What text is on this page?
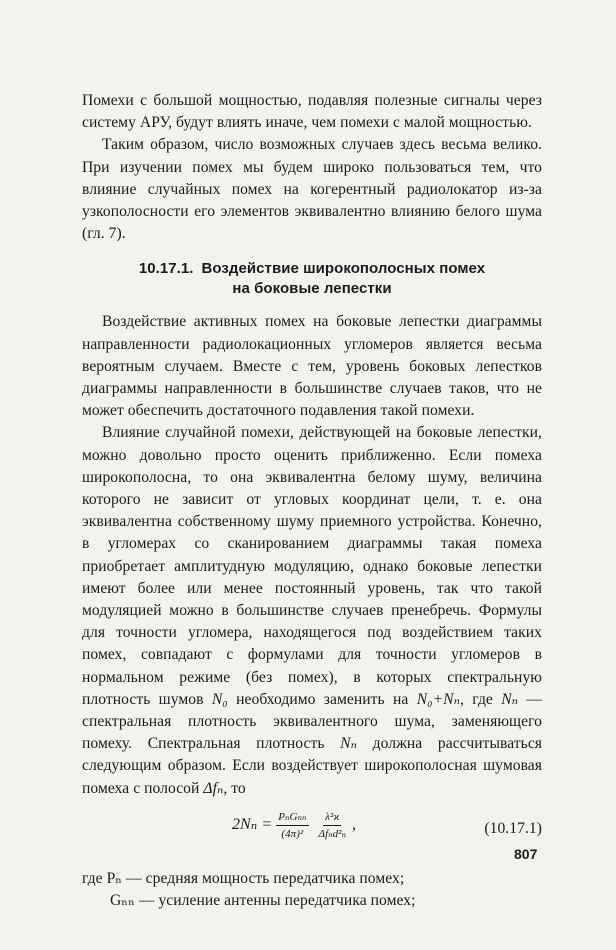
Помехи с большой мощностью, подавляя полезные сигналы через систему АРУ, будут влиять иначе, чем помехи с малой мощностью.

Таким образом, число возможных случаев здесь весьма велико. При изучении помех мы будем широко пользоваться тем, что влияние случайных помех на когерентный радиолокатор из-за узкополосности его элементов эквивалентно влиянию белого шума (гл. 7).

10.17.1. Воздействие широкополосных помех
на боковые лепестки

Воздействие активных помех на боковые лепестки диаграммы направленности радиолокационных угломеров является весьма вероятным случаем. Вместе с тем, уровень боковых лепестков диаграммы направленности в большинстве случаев таков, что не может обеспечить достаточного подавления такой помехи.

Влияние случайной помехи, действующей на боковые лепестки, можно довольно просто оценить приближенно. Если помеха широкополосна, то она эквивалентна белому шуму, величина которого не зависит от угловых координат цели, т. е. она эквивалентна собственному шуму приемного устройства. Конечно, в угломерах со сканированием диаграммы такая помеха приобретает амплитудную модуляцию, однако боковые лепестки имеют более или менее постоянный уровень, так что такой модуляцией можно в большинстве случаев пренебречь. Формулы для точности угломера, находящегося под воздействием таких помех, совпадают с формулами для точности угломеров в нормальном режиме (без помех), в которых спектральную плотность шумов N₀ необходимо заменить на N₀+Nₙ, где Nₙ — спектральная плотность эквивалентного шума, заменяющего помеху. Спектральная плотность Nₙ должна рассчитываться следующим образом. Если воздействует широкополосная шумовая помеха с полосой Δfₙ, то

$2N_n = \frac{\text{PₙGₙₙ}}{\text{(4π)²}} \frac{\text{λ²ϰ}}{\text{Δfₙd²ₙ}}$ ,	(10.17.1)

где Pₙ — средняя мощность передатчика помех;

Gₙₙ — усиление антенны передатчика помех;

807
